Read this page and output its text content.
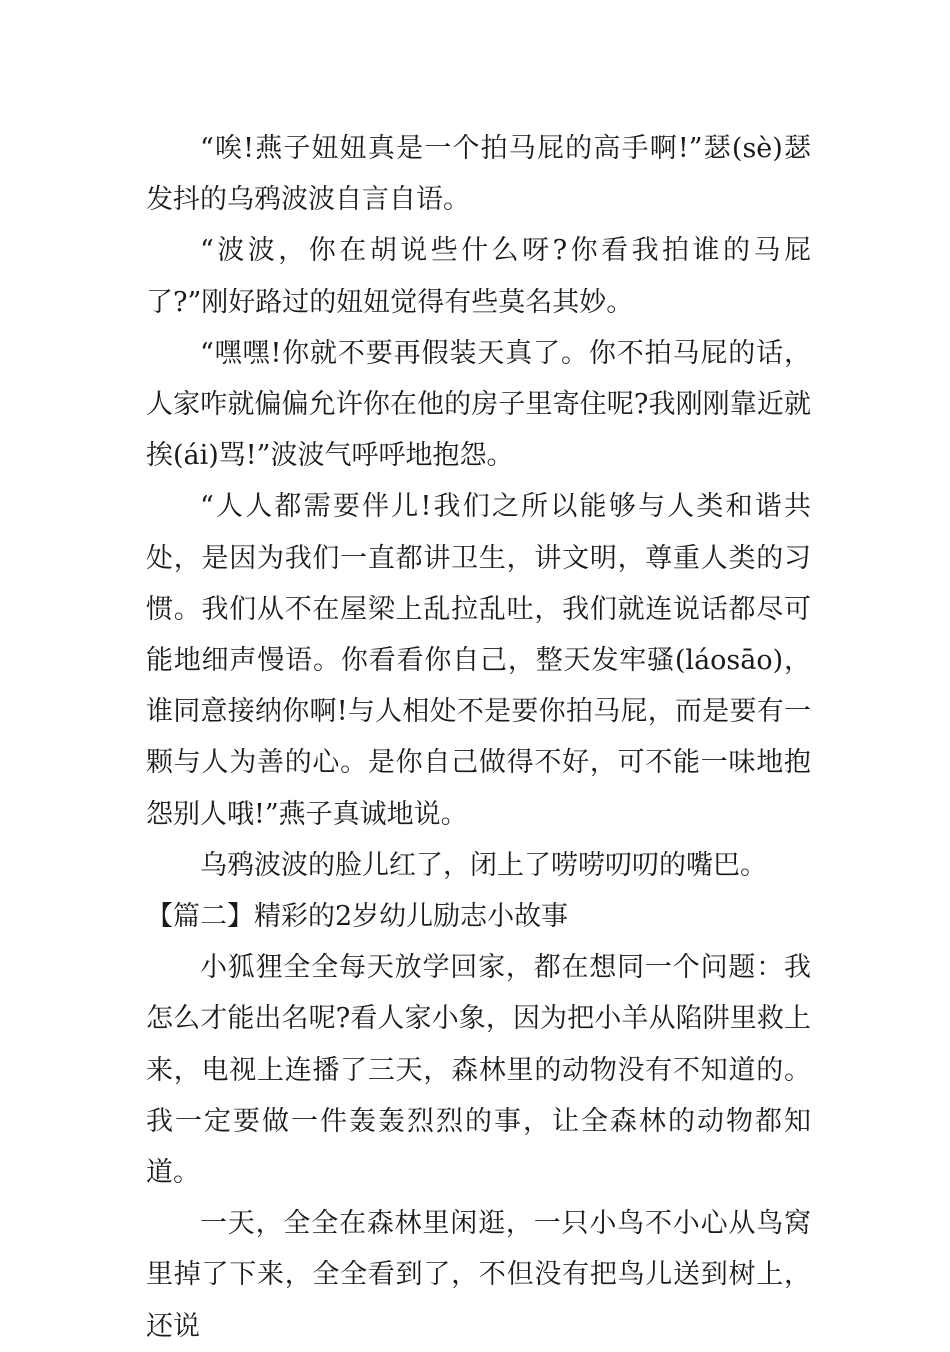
“唉!燕子妞妞真是一个拍马屁的高手啊!”瑟(sè)瑟发抖的乌鸦波波自言自语。

“波波，你在胡说些什么呀?你看我拍谁的马屁了?”刚好路过的妞妞觉得有些莫名其妙。

“嘿嘿!你就不要再假装天真了。你不拍马屁的话，人家咋就偏偏允许你在他的房子里寄住呢?我刚刚靠近就挨(ái)骂!”波波气呼呼地抱怨。

“人人都需要伴儿!我们之所以能够与人类和谐共处，是因为我们一直都讲卫生，讲文明，尊重人类的习惯。我们从不在屋梁上乱拉乱吐，我们就连说话都尽可能地细声慢语。你看看你自己，整天发牢骚(láosāo)，谁同意接纳你啊!与人相处不是要你拍马屁，而是要有一颗与人为善的心。是你自己做得不好，可不能一味地抱怨别人哦!”燕子真诚地说。

乌鸦波波的脸儿红了，闭上了唠唠叨叨的嘴巴。

【篇二】精彩的2岁幼儿励志小故事

小狐狸全全每天放学回家，都在想同一个问题：我怎么才能出名呢?看人家小象，因为把小羊从陷阱里救上来，电视上连播了三天，森林里的动物没有不知道的。我一定要做一件轰轰烈烈的事，让全森林的动物都知道。

一天，全全在森林里闲逛，一只小鸟不小心从鸟窝里掉了下来，全全看到了，不但没有把鸟儿送到树上，还说
